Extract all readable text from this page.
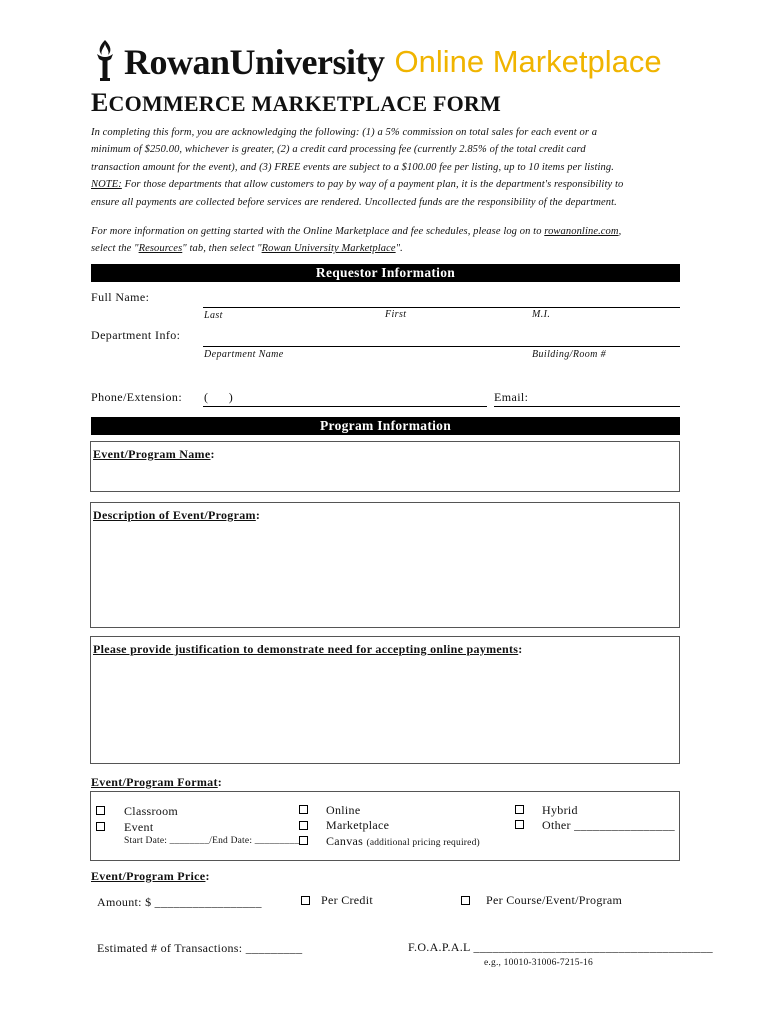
RowanUniversity Online Marketplace
ECOMMERCE MARKETPLACE FORM
In completing this form, you are acknowledging the following: (1) a 5% commission on total sales for each event or a
minimum of $250.00, whichever is greater, (2) a credit card processing fee (currently 2.85% of the total credit card
transaction amount for the event), and (3) FREE events are subject to a $100.00 fee per listing, up to 10 items per listing.
NOTE: For those departments that allow customers to pay by way of a payment plan, it is the department's responsibility to
ensure all payments are collected before services are rendered. Uncollected funds are the responsibility of the department.
For more information on getting started with the Online Marketplace and fee schedules, please log on to rowanonline.com,
select the "Resources" tab, then select "Rowan University Marketplace".
Requestor Information
Full Name:
Last	First	M.I.
Department Info:
Department Name	Building/Room #
Phone/Extension: (      )	Email:
Program Information
Event/Program Name:
Description of Event/Program:
Please provide justification to demonstrate need for accepting online payments:
Event/Program Format:
Classroom
Event
Start Date: ________/End Date: _________
Online
Marketplace
Canvas (additional pricing required)
Hybrid
Other ________________
Event/Program Price:
Amount: $ _________________	Per Credit	Per Course/Event/Program
Estimated # of Transactions: _________	F.O.A.P.A.L ______________________________________
e.g., 10010-31006-7215-16
